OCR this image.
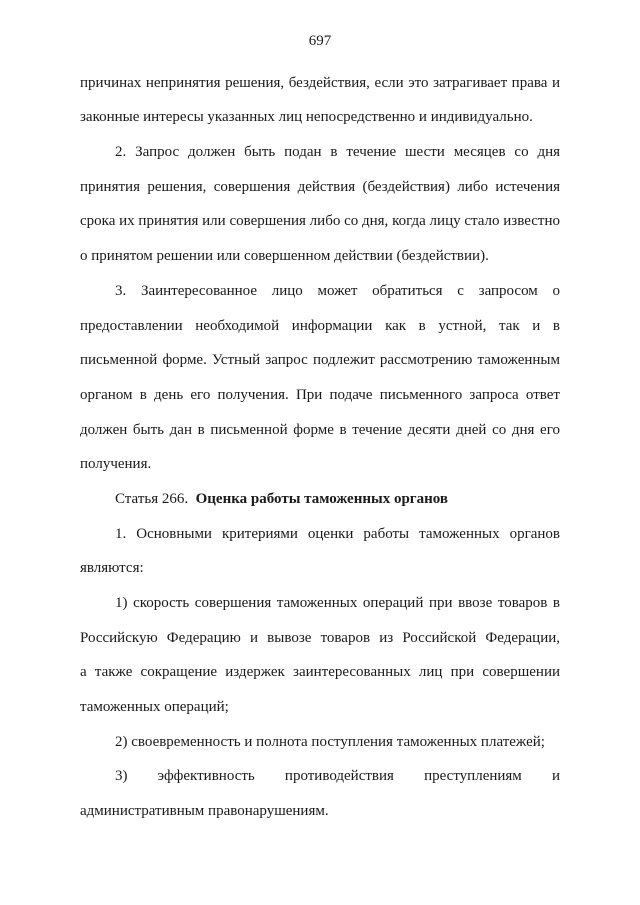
697
причинах непринятия решения, бездействия, если это затрагивает права и
законные интересы указанных лиц непосредственно и индивидуально.
2. Запрос должен быть подан в течение шести месяцев со дня
принятия решения, совершения действия (бездействия) либо истечения
срока их принятия или совершения либо со дня, когда лицу стало известно
о принятом решении или совершенном действии (бездействии).
3. Заинтересованное лицо может обратиться с запросом о
предоставлении необходимой информации как в устной, так и в
письменной форме. Устный запрос подлежит рассмотрению таможенным
органом в день его получения. При подаче письменного запроса ответ
должен быть дан в письменной форме в течение десяти дней со дня его
получения.
Статья 266. Оценка работы таможенных органов
1. Основными критериями оценки работы таможенных органов
являются:
1) скорость совершения таможенных операций при ввозе товаров в
Российскую Федерацию и вывозе товаров из Российской Федерации,
а также сокращение издержек заинтересованных лиц при совершении
таможенных операций;
2) своевременность и полнота поступления таможенных платежей;
3) эффективность противодействия преступлениям и
административным правонарушениям.
